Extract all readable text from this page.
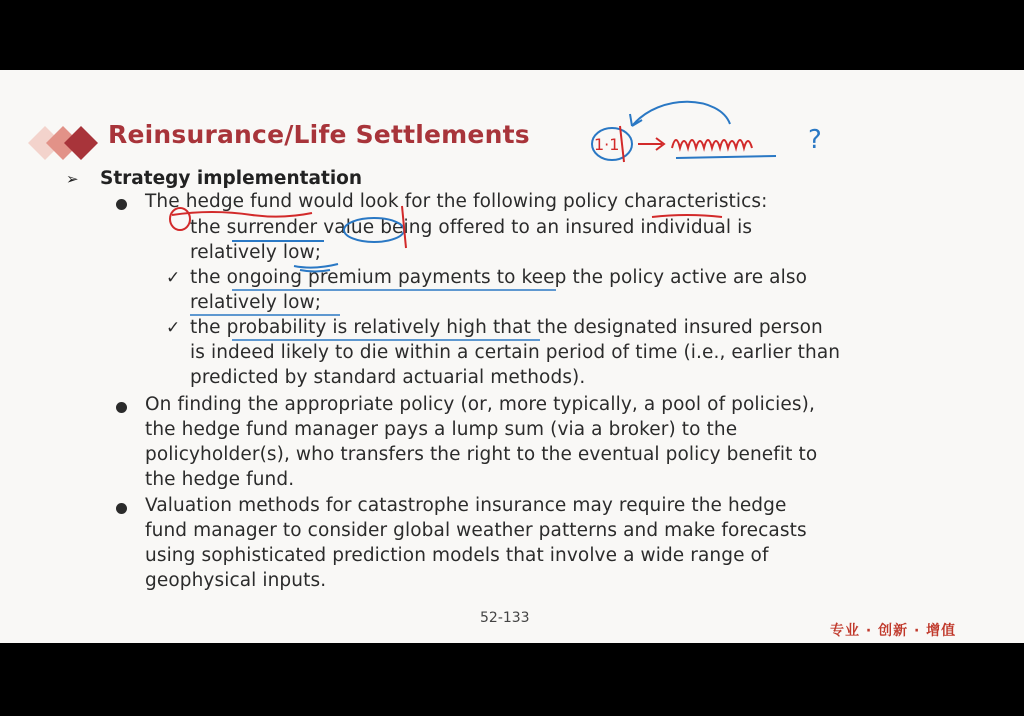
Reinsurance/Life Settlements	1·1	?
➢ Strategy implementation
The hedge fund would look for the following policy characteristics:
the surrender value being offered to an insured individual is
relatively low;
✓ the ongoing premium payments to keep the policy active are also
relatively low;
✓ the probability is relatively high that the designated insured person
is indeed likely to die within a certain period of time (i.e., earlier than
predicted by standard actuarial methods).
On finding the appropriate policy (or, more typically, a pool of policies),
the hedge fund manager pays a lump sum (via a broker) to the
policyholder(s), who transfers the right to the eventual policy benefit to
the hedge fund.
Valuation methods for catastrophe insurance may require the hedge
fund manager to consider global weather patterns and make forecasts
using sophisticated prediction models that involve a wide range of
geophysical inputs.
52-133
专业 · 创新 · 增值
